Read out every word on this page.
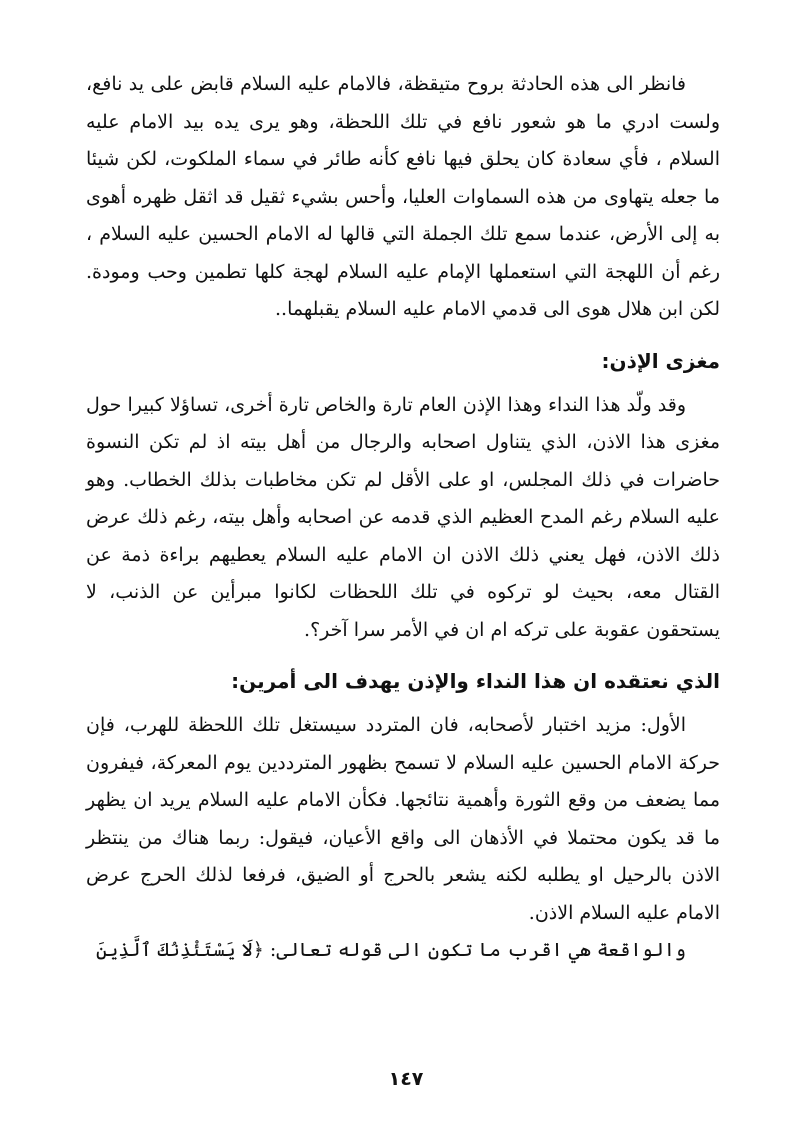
فانظر الى هذه الحادثة بروح متيقظة، فالامام عليه السلام قابض على يد نافع، ولست ادري ما هو شعور نافع في تلك اللحظة، وهو يرى يده بيد الامام عليه السلام ، فأي سعادة كان يحلق فيها نافع كأنه طائر في سماء الملكوت، لكن شيئا ما جعله يتهاوى من هذه السماوات العليا، وأحس بشيء ثقيل قد اثقل ظهره أهوى به إلى الأرض، عندما سمع تلك الجملة التي قالها له الامام الحسين عليه السلام ، رغم أن اللهجة التي استعملها الإمام عليه السلام لهجة كلها تطمين وحب ومودة. لكن ابن هلال هوى الى قدمي الامام عليه السلام يقبلهما..

مغزى الإذن:

وقد ولّد هذا النداء وهذا الإذن العام تارة والخاص تارة أخرى، تساؤلا كبيرا حول مغزى هذا الاذن، الذي يتناول اصحابه والرجال من أهل بيته اذ لم تكن النسوة حاضرات في ذلك المجلس، او على الأقل لم تكن مخاطبات بذلك الخطاب. وهو عليه السلام رغم المدح العظيم الذي قدمه عن اصحابه وأهل بيته، رغم ذلك عرض ذلك الاذن، فهل يعني ذلك الاذن ان الامام عليه السلام يعطيهم براءة ذمة عن القتال معه، بحيث لو تركوه في تلك اللحظات لكانوا مبرأين عن الذنب، لا يستحقون عقوبة على تركه ام ان في الأمر سرا آخر؟.

الذي نعتقده ان هذا النداء والإذن يهدف الى أمرين:

الأول: مزيد اختبار لأصحابه، فان المتردد سيستغل تلك اللحظة للهرب، فإن حركة الامام الحسين عليه السلام لا تسمح بظهور المترددين يوم المعركة، فيفرون مما يضعف من وقع الثورة وأهمية نتائجها. فكأن الامام عليه السلام يريد ان يظهر ما قد يكون محتملا في الأذهان الى واقع الأعيان، فيقول: ربما هناك من ينتظر الاذن بالرحيل او يطلبه لكنه يشعر بالحرج أو الضيق، فرفعا لذلك الحرج عرض الامام عليه السلام الاذن.

والواقعة هي اقرب ما تكون الى قوله تعالى: ﴿لَا يَسْتَئْذِنُكَ ٱلَّذِينَ

١٤٧
